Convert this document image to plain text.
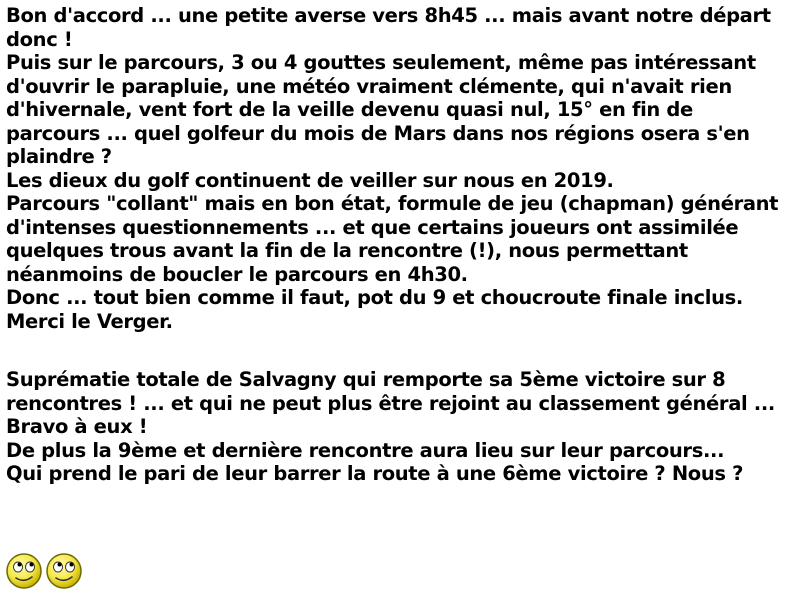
Bon d'accord ... une petite averse vers 8h45 ... mais avant notre départ
donc !
Puis sur le parcours, 3 ou 4 gouttes seulement, même pas intéressant
d'ouvrir le parapluie, une météo vraiment clémente, qui n'avait rien
d'hivernale, vent fort de la veille devenu quasi nul, 15° en fin de
parcours ... quel golfeur du mois de Mars dans nos régions osera s'en
plaindre ?
Les dieux du golf continuent de veiller sur nous en 2019.
Parcours "collant" mais en bon état, formule de jeu (chapman) générant
d'intenses questionnements ... et que certains joueurs ont assimilée
quelques trous avant la fin de la rencontre (!), nous permettant
néanmoins de boucler le parcours en 4h30.
Donc ... tout bien comme il faut, pot du 9 et choucroute finale inclus.
Merci le Verger.
Suprématie totale de Salvagny qui remporte sa 5ème victoire sur 8
rencontres ! ... et qui ne peut plus être rejoint au classement général ...
Bravo à eux !
De plus la 9ème et dernière rencontre aura lieu sur leur parcours...
Qui prend le pari de leur barrer la route à une 6ème victoire ? Nous ?
